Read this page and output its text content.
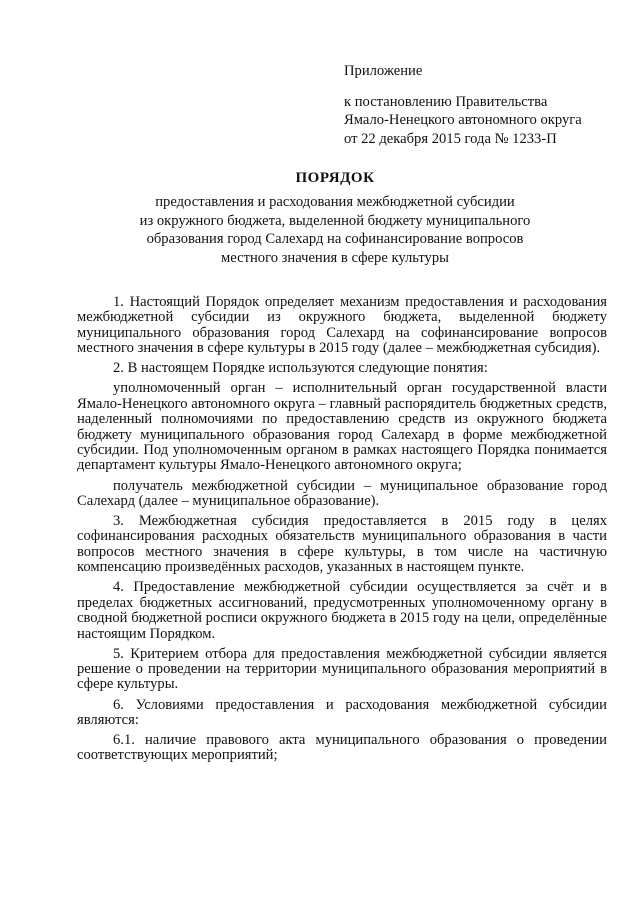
Приложение
к постановлению Правительства
Ямало-Ненецкого автономного округа
от 22 декабря 2015 года № 1233-П
ПОРЯДОК
предоставления и расходования межбюджетной субсидии
из окружного бюджета, выделенной бюджету муниципального
образования город Салехард на софинансирование вопросов
местного значения в сфере культуры

1. Настоящий Порядок определяет механизм предоставления и расходования межбюджетной субсидии из окружного бюджета, выделенной бюджету муниципального образования город Салехард на софинансирование вопросов местного значения в сфере культуры в 2015 году (далее – межбюджетная субсидия).

2. В настоящем Порядке используются следующие понятия:

уполномоченный орган – исполнительный орган государственной власти Ямало-Ненецкого автономного округа – главный распорядитель бюджетных средств, наделенный полномочиями по предоставлению средств из окружного бюджета бюджету муниципального образования город Салехард в форме межбюджетной субсидии. Под уполномоченным органом в рамках настоящего Порядка понимается департамент культуры Ямало-Ненецкого автономного округа;

получатель межбюджетной субсидии – муниципальное образование город Салехард (далее – муниципальное образование).

3. Межбюджетная субсидия предоставляется в 2015 году в целях софинансирования расходных обязательств муниципального образования в части вопросов местного значения в сфере культуры, в том числе на частичную компенсацию произведённых расходов, указанных в настоящем пункте.

4. Предоставление межбюджетной субсидии осуществляется за счёт и в пределах бюджетных ассигнований, предусмотренных уполномоченному органу в сводной бюджетной росписи окружного бюджета в 2015 году на цели, определённые настоящим Порядком.

5. Критерием отбора для предоставления межбюджетной субсидии является решение о проведении на территории муниципального образования мероприятий в сфере культуры.

6. Условиями предоставления и расходования межбюджетной субсидии являются:

6.1. наличие правового акта муниципального образования о проведении соответствующих мероприятий;
